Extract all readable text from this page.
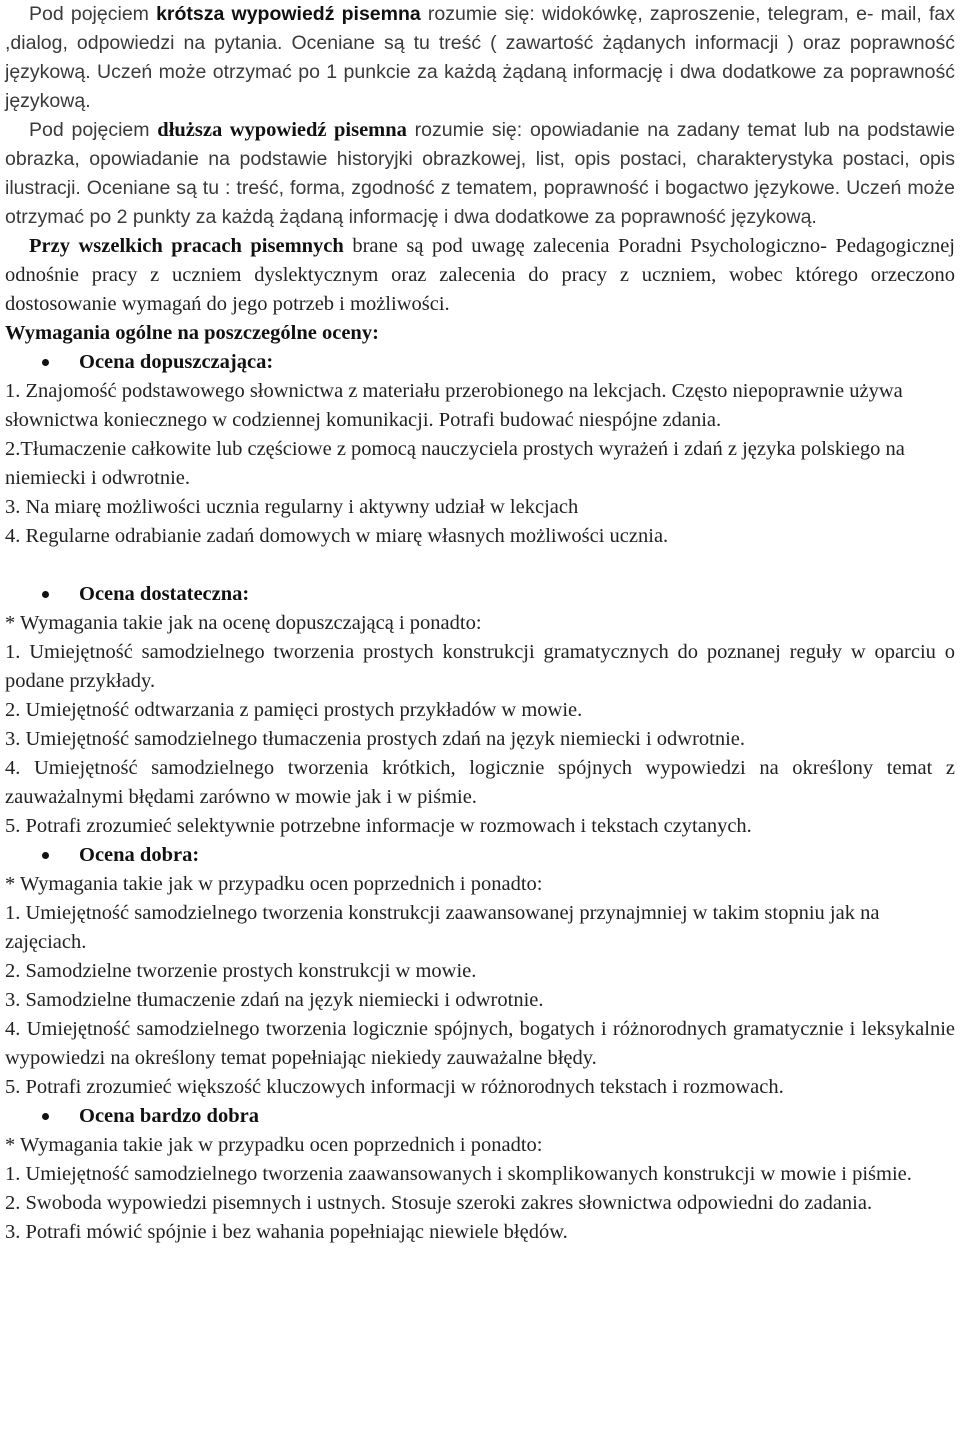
Pod pojęciem krótsza wypowiedź pisemna rozumie się: widokówkę, zaproszenie, telegram, e- mail, fax ,dialog, odpowiedzi na pytania. Oceniane są tu treść ( zawartość żądanych informacji ) oraz poprawność językową. Uczeń może otrzymać po 1 punkcie za każdą żądaną informację i dwa dodatkowe za poprawność językową.

Pod pojęciem dłuższa wypowiedź pisemna rozumie się: opowiadanie na zadany temat lub na podstawie obrazka, opowiadanie na podstawie historyjki obrazkowej, list, opis postaci, charakterystyka postaci, opis ilustracji. Oceniane są tu : treść, forma, zgodność z tematem, poprawność i bogactwo językowe. Uczeń może otrzymać po 2 punkty za każdą żądaną informację i dwa dodatkowe za poprawność językową.

Przy wszelkich pracach pisemnych brane są pod uwagę zalecenia Poradni Psychologiczno- Pedagogicznej odnośnie pracy z uczniem dyslektycznym oraz zalecenia do pracy z uczniem, wobec którego orzeczono dostosowanie wymagań do jego potrzeb i możliwości.

Wymagania ogólne na poszczególne oceny:

Ocena dopuszczająca:

1. Znajomość podstawowego słownictwa z materiału przerobionego na lekcjach. Często niepoprawnie używa słownictwa koniecznego w codziennej komunikacji. Potrafi budować niespójne zdania.

2.Tłumaczenie całkowite lub częściowe z pomocą nauczyciela prostych wyrażeń i zdań z języka polskiego na niemiecki i odwrotnie.

3. Na miarę możliwości ucznia regularny i aktywny udział w lekcjach

4. Regularne odrabianie zadań domowych w miarę własnych możliwości ucznia.

Ocena dostateczna:

* Wymagania takie jak na ocenę dopuszczającą i ponadto:

1. Umiejętność samodzielnego tworzenia prostych konstrukcji gramatycznych do poznanej reguły w oparciu o podane przykłady.

2. Umiejętność odtwarzania z pamięci prostych przykładów w mowie.

3. Umiejętność samodzielnego tłumaczenia prostych zdań na język niemiecki i odwrotnie.

4. Umiejętność samodzielnego tworzenia krótkich, logicznie spójnych wypowiedzi na określony temat z zauważalnymi błędami zarówno w mowie jak i w piśmie.

5. Potrafi zrozumieć selektywnie potrzebne informacje w rozmowach i tekstach czytanych.

Ocena dobra:

* Wymagania takie jak w przypadku ocen poprzednich i ponadto:

1. Umiejętność samodzielnego tworzenia konstrukcji zaawansowanej przynajmniej w takim stopniu jak na zajęciach.

2. Samodzielne tworzenie prostych konstrukcji w mowie.

3. Samodzielne tłumaczenie zdań na język niemiecki i odwrotnie.

4. Umiejętność samodzielnego tworzenia logicznie spójnych, bogatych i różnorodnych gramatycznie i leksykalnie wypowiedzi na określony temat popełniając niekiedy zauważalne błędy.

5. Potrafi zrozumieć większość kluczowych informacji w różnorodnych tekstach i rozmowach.

Ocena bardzo dobra

* Wymagania takie jak w przypadku ocen poprzednich i ponadto:

1. Umiejętność samodzielnego tworzenia zaawansowanych i skomplikowanych konstrukcji w mowie i piśmie.

2. Swoboda wypowiedzi pisemnych i ustnych. Stosuje szeroki zakres słownictwa odpowiedni do zadania.

3. Potrafi mówić spójnie i bez wahania popełniając niewiele błędów.
